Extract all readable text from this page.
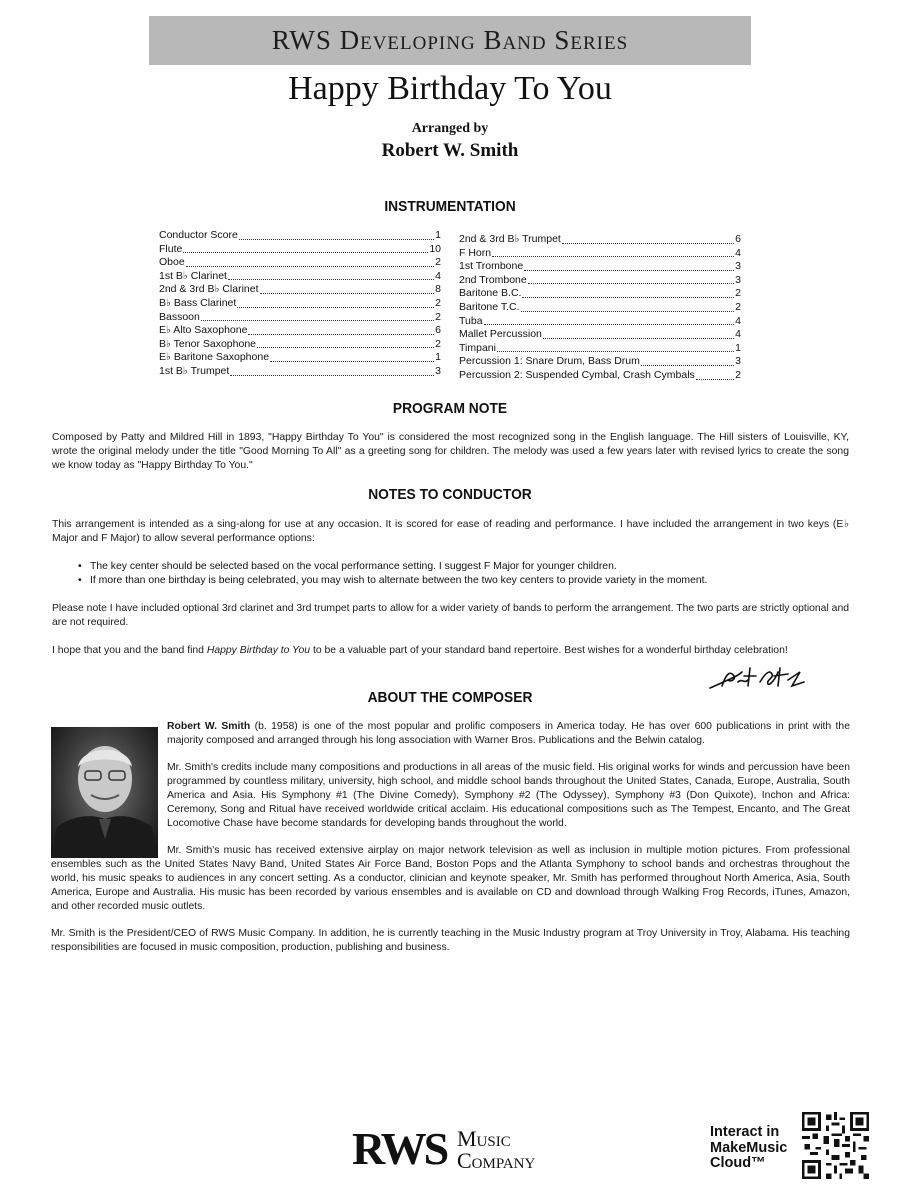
RWS Developing Band Series
Happy Birthday To You
Arranged by
Robert W. Smith
INSTRUMENTATION
Conductor Score	1
Flute	10
Oboe	2
1st B♭ Clarinet	4
2nd & 3rd B♭ Clarinet	8
B♭ Bass Clarinet	2
Bassoon	2
E♭ Alto Saxophone	6
B♭ Tenor Saxophone	2
E♭ Baritone Saxophone	1
1st B♭ Trumpet	3
2nd & 3rd B♭ Trumpet	6
F Horn	4
1st Trombone	3
2nd Trombone	3
Baritone B.C.	2
Baritone T.C.	2
Tuba	4
Mallet Percussion	4
Timpani	1
Percussion 1: Snare Drum, Bass Drum	3
Percussion 2: Suspended Cymbal, Crash Cymbals	2
PROGRAM NOTE

Composed by Patty and Mildred Hill in 1893, "Happy Birthday To You" is considered the most recognized song in the English language. The Hill sisters of Louisville, KY, wrote the original melody under the title "Good Morning To All" as a greeting song for children. The melody was used a few years later with revised lyrics to create the song we know today as "Happy Birthday To You."

NOTES TO CONDUCTOR

This arrangement is intended as a sing-along for use at any occasion. It is scored for ease of reading and performance. I have included the arrangement in two keys (E♭ Major and F Major) to allow several performance options:

• The key center should be selected based on the vocal performance setting. I suggest F Major for younger children.
• If more than one birthday is being celebrated, you may wish to alternate between the two key centers to provide variety in the moment.

Please note I have included optional 3rd clarinet and 3rd trumpet parts to allow for a wider variety of bands to perform the arrangement. The two parts are strictly optional and are not required.

I hope that you and the band find Happy Birthday to You to be a valuable part of your standard band repertoire. Best wishes for a wonderful birthday celebration!

ABOUT THE COMPOSER

Robert W. Smith (b. 1958) is one of the most popular and prolific composers in America today. He has over 600 publications in print with the majority composed and arranged through his long association with Warner Bros. Publications and the Belwin catalog.

Mr. Smith's credits include many compositions and productions in all areas of the music field. His original works for winds and percussion have been programmed by countless military, university, high school, and middle school bands throughout the United States, Canada, Europe, Australia, South America and Asia. His Symphony #1 (The Divine Comedy), Symphony #2 (The Odyssey), Symphony #3 (Don Quixote), Inchon and Africa: Ceremony, Song and Ritual have received worldwide critical acclaim. His educational compositions such as The Tempest, Encanto, and The Great Locomotive Chase have become standards for developing bands throughout the world.

Mr. Smith's music has received extensive airplay on major network television as well as inclusion in multiple motion pictures. From professional ensembles such as the United States Navy Band, United States Air Force Band, Boston Pops and the Atlanta Symphony to school bands and orchestras throughout the world, his music speaks to audiences in any concert setting. As a conductor, clinician and keynote speaker, Mr. Smith has performed throughout North America, Asia, South America, Europe and Australia. His music has been recorded by various ensembles and is available on CD and download through Walking Frog Records, iTunes, Amazon, and other recorded music outlets.

Mr. Smith is the President/CEO of RWS Music Company. In addition, he is currently teaching in the Music Industry program at Troy University in Troy, Alabama. His teaching responsibilities are focused in music composition, production, publishing and business.

RWS Music
Company
Interact in
MakeMusic
Cloud™
